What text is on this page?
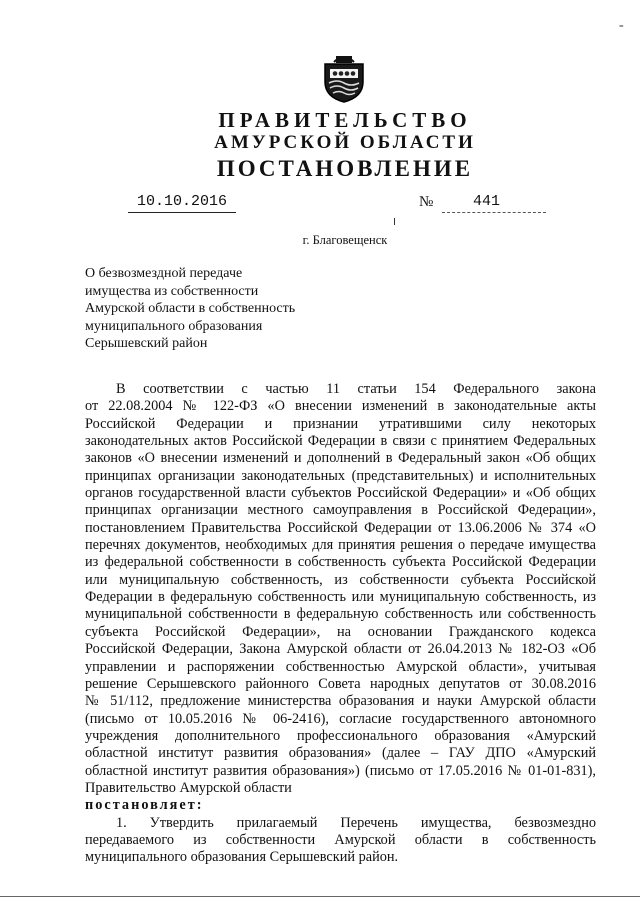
-
ПРАВИТЕЛЬСТВО
АМУРСКОЙ ОБЛАСТИ
ПОСТАНОВЛЕНИЕ
10.10.2016	№	441
г. Благовещенск
О безвозмездной передаче
имущества из собственности
Амурской области в собственность
муниципального образования
Серышевский район
В соответствии с частью 11 статьи 154 Федерального закона
от 22.08.2004 № 122-ФЗ «О внесении изменений в законодательные акты
Российской Федерации и признании утратившими силу некоторых
законодательных актов Российской Федерации в связи с принятием Федеральных
законов «О внесении изменений и дополнений в Федеральный закон «Об общих
принципах организации законодательных (представительных) и исполнительных
органов государственной власти субъектов Российской Федерации» и «Об общих
принципах организации местного самоуправления в Российской Федерации»,
постановлением Правительства Российской Федерации от 13.06.2006 № 374 «О
перечнях документов, необходимых для принятия решения о передаче имущества
из федеральной собственности в собственность субъекта Российской Федерации
или муниципальную собственность, из собственности субъекта Российской
Федерации в федеральную собственность или муниципальную собственность, из
муниципальной собственности в федеральную собственность или собственность
субъекта Российской Федерации», на основании Гражданского кодекса
Российской Федерации, Закона Амурской области от 26.04.2013 № 182-ОЗ «Об
управлении и распоряжении собственностью Амурской области», учитывая
решение Серышевского районного Совета народных депутатов от 30.08.2016
№ 51/112, предложение министерства образования и науки Амурской области
(письмо от 10.05.2016 № 06-2416), согласие государственного автономного
учреждения дополнительного профессионального образования «Амурский
областной институт развития образования» (далее – ГАУ ДПО «Амурский
областной институт развития образования») (письмо от 17.05.2016 № 01-01-831),
Правительство Амурской области
постановляет:
1. Утвердить прилагаемый Перечень имущества, безвозмездно
передаваемого из собственности Амурской области в собственность
муниципального образования Серышевский район.
